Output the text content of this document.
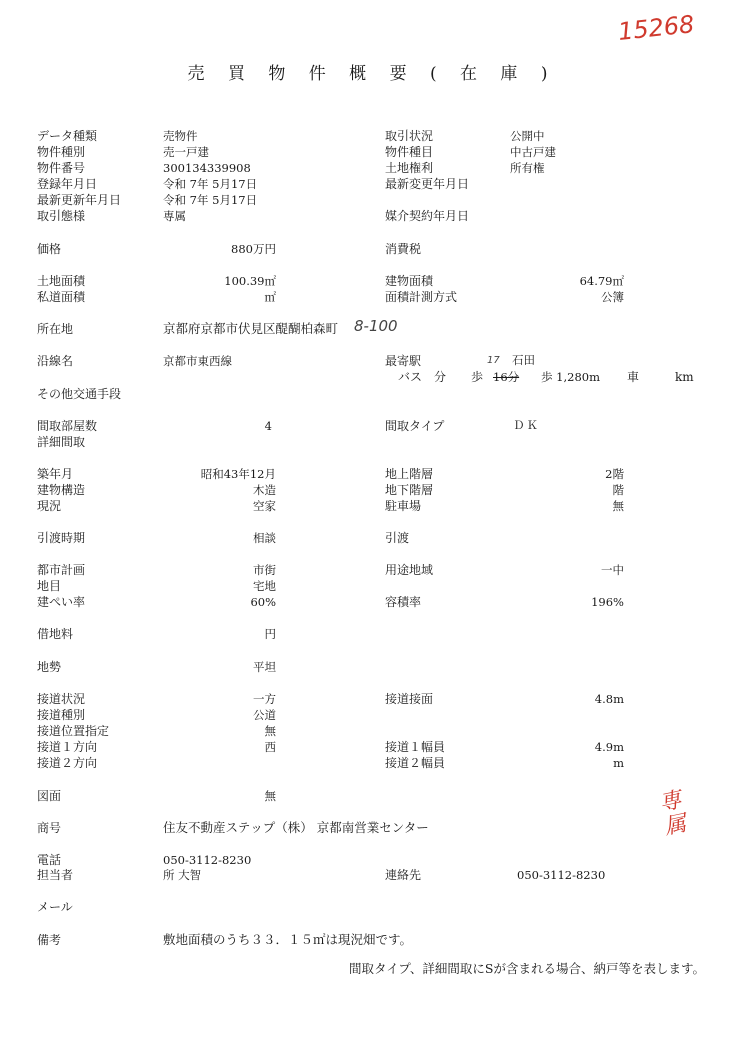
15268
売 買 物 件 概 要 ( 在 庫 )
データ種類
物件種別
物件番号
登録年月日
最新更新年月日
取引態様
価格
土地面積
私道面積
所在地
沿線名
その他交通手段
間取部屋数
詳細間取
築年月
建物構造
現況
引渡時期
都市計画
地目
建ぺい率
借地料
地勢
接道状況
接道種別
接道位置指定
接道１方向
接道２方向
図面
商号
電話
担当者
メール
備考
売物件
売一戸建
300134339908
令和 7年 5月17日
令和 7年 5月17日
専属
京都府京都市伏見区醍醐柏森町 8-100
京都市東西線
住友不動産ステップ（株） 京都南営業センター
050-3112-8230
所 大智
敷地面積のうち３３．１５㎡は現況畑です。
880万円
100.39㎡
㎡
4
昭和43年12月
木造
空家
相談
市街
宅地
60%
円
平坦
一方
公道
無
西
無
取引状況
物件種目
土地権利
最新変更年月日
媒介契約年月日
消費税
建物面積
面積計測方式
最寄駅
バス 分 歩	車	km
間取タイプ
地上階層
地下階層
駐車場
引渡
用途地域
容積率
接道接面
接道１幅員
接道２幅員
連絡先
公開中
中古戸建
所有権
64.79㎡
公簿
石田
17
16分 歩 1,280m
ＤＫ
2階
階
無
一中
196%
4.8m
4.9m
m
050-3112-8230
専属
間取タイプ、詳細間取にSが含まれる場合、納戸等を表します。
